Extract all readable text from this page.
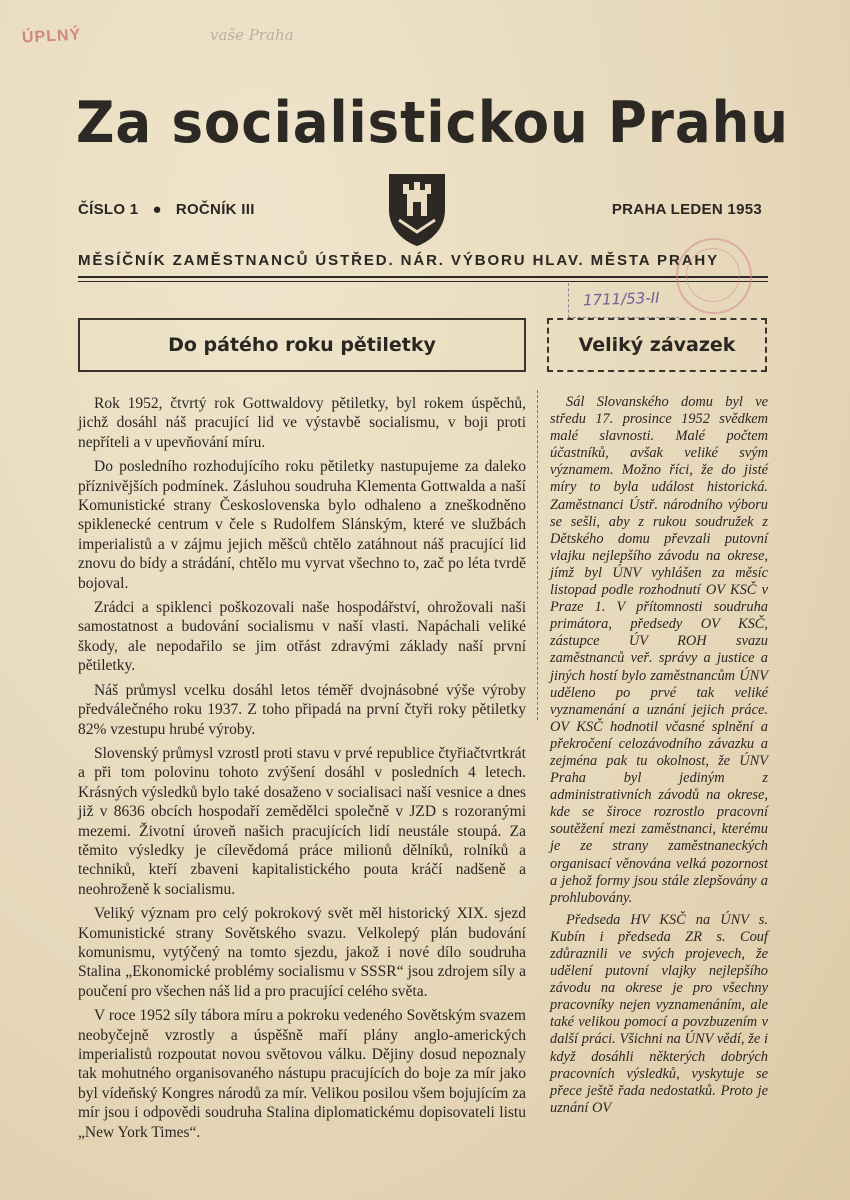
ÚPLNÝ	vaše Praha
Za socialistickou Prahu
ČÍSLO 1 ● ROČNÍK III	PRAHA LEDEN 1953
MĚSÍČNÍK ZAMĚSTNANCŮ ÚSTŘED. NÁR. VÝBORU HLAV. MĚSTA PRAHY
1711/53-II
Do pátého roku pětiletky	Veliký závazek

Rok 1952, čtvrtý rok Gottwaldovy pětiletky, byl rokem úspěchů, jichž dosáhl náš pracující lid ve výstavbě socialismu, v boji proti nepříteli a v upevňování míru.

Do posledního rozhodujícího roku pětiletky nastupujeme za daleko příznivějších podmínek. Zásluhou soudruha Klementa Gottwalda a naší Komunistické strany Československa bylo odhaleno a zneškodněno spiklenecké centrum v čele s Rudolfem Slánským, které ve službách imperialistů a v zájmu jejich měšců chtělo zatáhnout náš pracující lid znovu do bídy a strádání, chtělo mu vyrvat všechno to, zač po léta tvrdě bojoval.

Zrádci a spiklenci poškozovali naše hospodářství, ohrožovali naši samostatnost a budování socialismu v naší vlasti. Napáchali veliké škody, ale nepodařilo se jim otřást zdravými základy naší první pětiletky.

Náš průmysl vcelku dosáhl letos téměř dvojnásobné výše výroby předválečného roku 1937. Z toho připadá na první čtyři roky pětiletky 82% vzestupu hrubé výroby.

Slovenský průmysl vzrostl proti stavu v prvé republice čtyřiačtvrtkrát a při tom polovinu tohoto zvýšení dosáhl v posledních 4 letech. Krásných výsledků bylo také dosaženo v socialisaci naší vesnice a dnes již v 8636 obcích hospodaří zemědělci společně v JZD s rozoranými mezemi. Životní úroveň našich pracujících lidí neustále stoupá. Za těmito výsledky je cílevědomá práce milionů dělníků, rolníků a techniků, kteří zbaveni kapitalistického pouta kráčí nadšeně a neohroženě k socialismu.

Veliký význam pro celý pokrokový svět měl historický XIX. sjezd Komunistické strany Sovětského svazu. Velkolepý plán budování komunismu, vytýčený na tomto sjezdu, jakož i nové dílo soudruha Stalina „Ekonomické problémy socialismu v SSSR“ jsou zdrojem síly a poučení pro všechen náš lid a pro pracující celého světa.

V roce 1952 síly tábora míru a pokroku vedeného Sovětským svazem neobyčejně vzrostly a úspěšně maří plány anglo-amerických imperialistů rozpoutat novou světovou válku. Dějiny dosud nepoznaly tak mohutného organisovaného nástupu pracujících do boje za mír jako byl vídeňský Kongres národů za mír. Velikou posilou všem bojujícím za mír jsou i odpovědi soudruha Stalina diplomatickému dopisovateli listu „New York Times“.

Sál Slovanského domu byl ve středu 17. prosince 1952 svědkem malé slavnosti. Malé počtem účastníků, avšak veliké svým významem. Možno říci, že do jisté míry to byla událost historická. Zaměstnanci Ústř. národního výboru se sešli, aby z rukou soudružek z Dětského domu převzali putovní vlajku nejlepšího závodu na okrese, jímž byl ÚNV vyhlášen za měsíc listopad podle rozhodnutí OV KSČ v Praze 1. V přítomnosti soudruha primátora, předsedy OV KSČ, zástupce ÚV ROH svazu zaměstnanců veř. správy a justice a jiných hostí bylo zaměstnancům ÚNV uděleno po prvé tak veliké vyznamenání a uznání jejich práce. OV KSČ hodnotil včasné splnění a překročení celozávodního závazku a zejména pak tu okolnost, že ÚNV Praha byl jediným z administrativních závodů na okrese, kde se široce rozrostlo pracovní soutěžení mezi zaměstnanci, kterému je ze strany zaměstnaneckých organisací věnována velká pozornost a jehož formy jsou stále zlepšovány a prohlubovány.

Předseda HV KSČ na ÚNV s. Kubín i předseda ZR s. Couf zdůraznili ve svých projevech, že udělení putovní vlajky nejlepšího závodu na okrese je pro všechny pracovníky nejen vyznamenáním, ale také velikou pomocí a povzbuzením v další práci. Všichni na ÚNV vědí, že i když dosáhli některých dobrých pracovních výsledků, vyskytuje se přece ještě řada nedostatků. Proto je uznání OV
